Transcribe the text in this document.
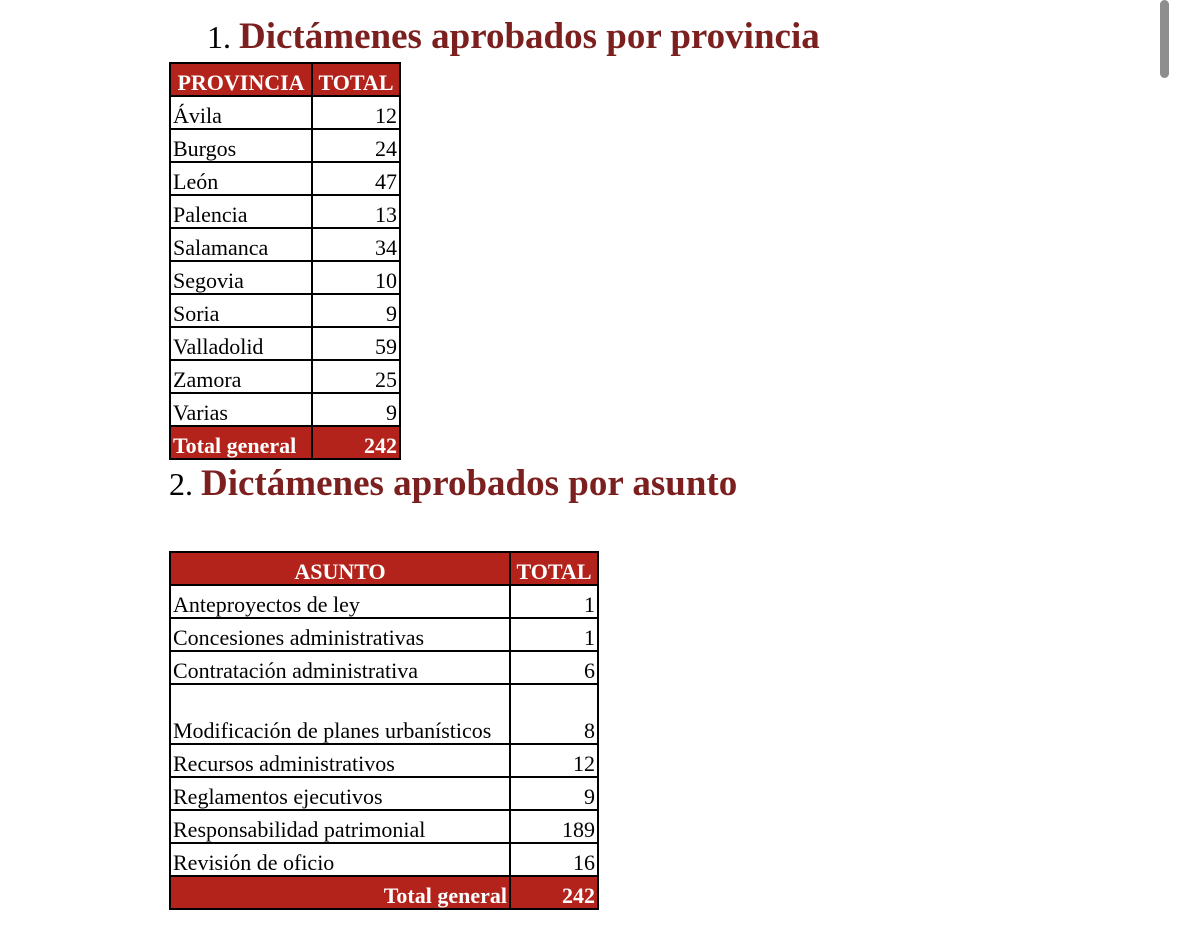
1. Dictámenes aprobados por provincia
PROVINCIA	TOTAL
Ávila	12
Burgos	24
León	47
Palencia	13
Salamanca	34
Segovia	10
Soria	9
Valladolid	59
Zamora	25
Varias	9
Total general	242
2. Dictámenes aprobados por asunto
ASUNTO	TOTAL
Anteproyectos de ley	1
Concesiones administrativas	1
Contratación administrativa	6
Modificación de planes urbanísticos	8
Recursos administrativos	12
Reglamentos ejecutivos	9
Responsabilidad patrimonial	189
Revisión de oficio	16
Total general	242
